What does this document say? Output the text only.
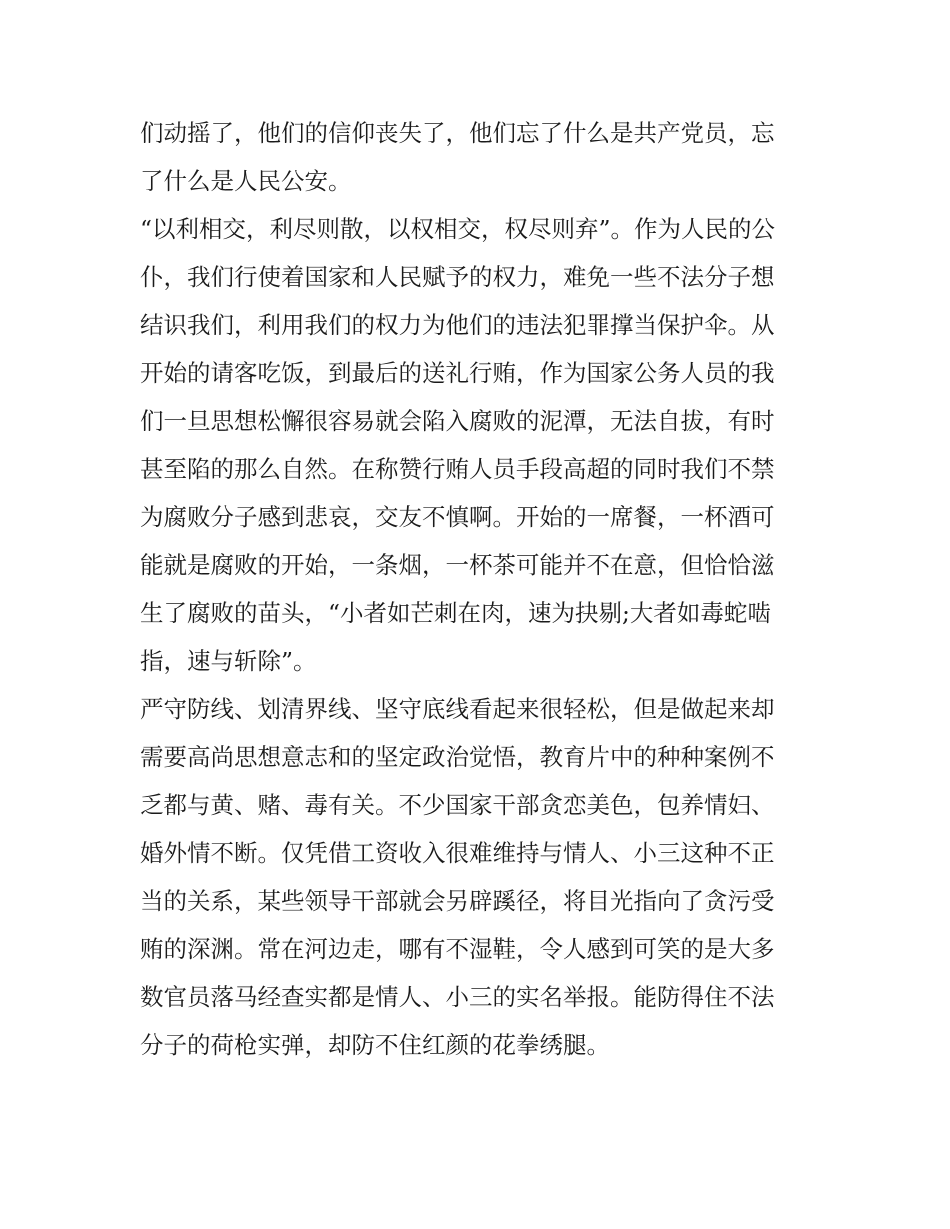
们动摇了，他们的信仰丧失了，他们忘了什么是共产党员，忘
了什么是人民公安。
“以利相交，利尽则散，以权相交，权尽则弃”。作为人民的公
仆，我们行使着国家和人民赋予的权力，难免一些不法分子想
结识我们，利用我们的权力为他们的违法犯罪撑当保护伞。从
开始的请客吃饭，到最后的送礼行贿，作为国家公务人员的我
们一旦思想松懈很容易就会陷入腐败的泥潭，无法自拔，有时
甚至陷的那么自然。在称赞行贿人员手段高超的同时我们不禁
为腐败分子感到悲哀，交友不慎啊。开始的一席餐，一杯酒可
能就是腐败的开始，一条烟，一杯茶可能并不在意，但恰恰滋
生了腐败的苗头，“小者如芒刺在肉，速为抉剔;大者如毒蛇啮
指，速与斩除”。
严守防线、划清界线、坚守底线看起来很轻松，但是做起来却
需要高尚思想意志和的坚定政治觉悟，教育片中的种种案例不
乏都与黄、赌、毒有关。不少国家干部贪恋美色，包养情妇、
婚外情不断。仅凭借工资收入很难维持与情人、小三这种不正
当的关系，某些领导干部就会另辟蹊径，将目光指向了贪污受
贿的深渊。常在河边走，哪有不湿鞋，令人感到可笑的是大多
数官员落马经查实都是情人、小三的实名举报。能防得住不法
分子的荷枪实弹，却防不住红颜的花拳绣腿。
